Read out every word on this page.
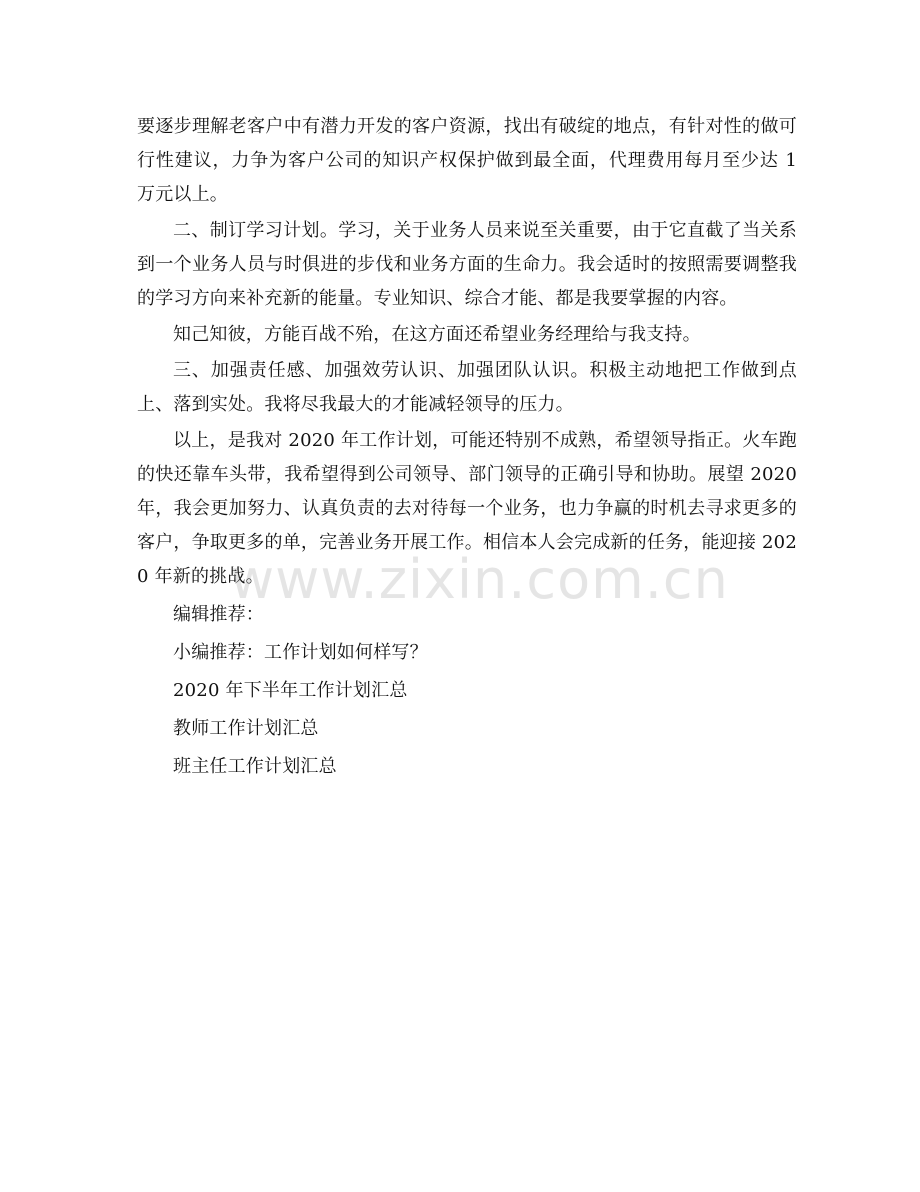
要逐步理解老客户中有潜力开发的客户资源，找出有破绽的地点，有针对性的做可行性建议，力争为客户公司的知识产权保护做到最全面，代理费用每月至少达 1 万元以上。

二、制订学习计划。学习，关于业务人员来说至关重要，由于它直截了当关系到一个业务人员与时俱进的步伐和业务方面的生命力。我会适时的按照需要调整我的学习方向来补充新的能量。专业知识、综合才能、都是我要掌握的内容。

知己知彼，方能百战不殆，在这方面还希望业务经理给与我支持。

三、加强责任感、加强效劳认识、加强团队认识。积极主动地把工作做到点上、落到实处。我将尽我最大的才能减轻领导的压力。

以上，是我对 2020 年工作计划，可能还特别不成熟，希望领导指正。火车跑的快还靠车头带，我希望得到公司领导、部门领导的正确引导和协助。展望 2020 年，我会更加努力、认真负责的去对待每一个业务，也力争赢的时机去寻求更多的客户，争取更多的单，完善业务开展工作。相信本人会完成新的任务，能迎接 2020 年新的挑战。

编辑推荐：

小编推荐：工作计划如何样写？

2020 年下半年工作计划汇总

教师工作计划汇总

班主任工作计划汇总

www.zixin.com.cn
